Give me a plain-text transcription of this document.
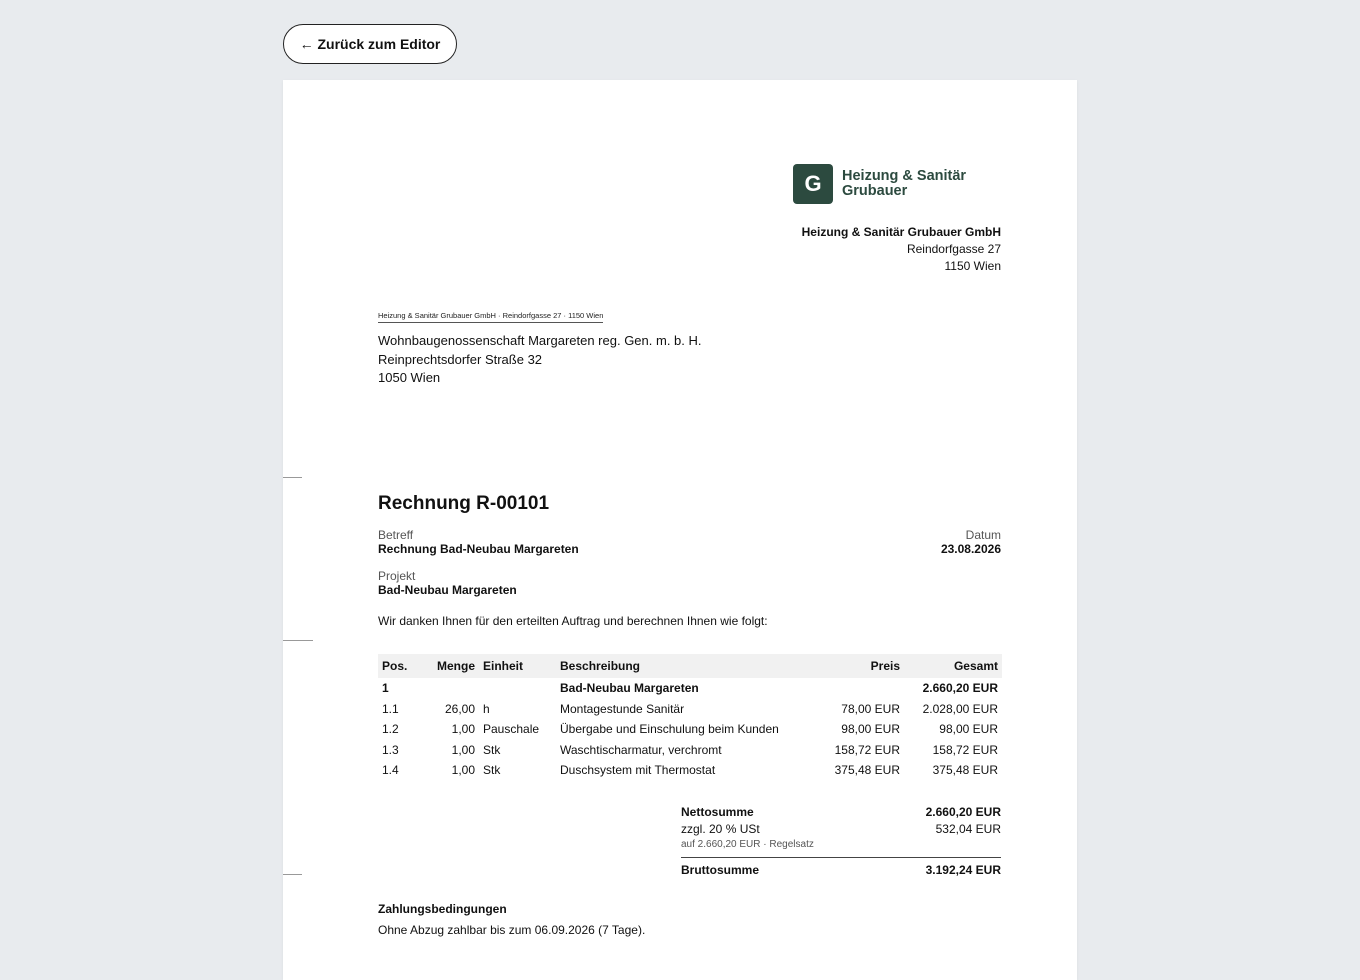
← Zurück zum Editor
G	Heizung & Sanitär
Grubauer
Heizung & Sanitär Grubauer GmbH
Reindorfgasse 27
1150 Wien
Heizung & Sanitär Grubauer GmbH · Reindorfgasse 27 · 1150 Wien
Wohnbaugenossenschaft Margareten reg. Gen. m. b. H.
Reinprechtsdorfer Straße 32
1050 Wien
Rechnung R-00101
Betreff
Rechnung Bad-Neubau Margareten
Datum
23.08.2026
Projekt
Bad-Neubau Margareten
Wir danken Ihnen für den erteilten Auftrag und berechnen Ihnen wie folgt:
Pos.	Menge	Einheit	Beschreibung	Preis	Gesamt
1			Bad-Neubau Margareten		2.660,20 EUR
1.1	26,00	h	Montagestunde Sanitär	78,00 EUR	2.028,00 EUR
1.2	1,00	Pauschale	Übergabe und Einschulung beim Kunden	98,00 EUR	98,00 EUR
1.3	1,00	Stk	Waschtischarmatur, verchromt	158,72 EUR	158,72 EUR
1.4	1,00	Stk	Duschsystem mit Thermostat	375,48 EUR	375,48 EUR
Nettosumme	2.660,20 EUR
zzgl. 20 % USt	532,04 EUR
auf 2.660,20 EUR · Regelsatz
Bruttosumme	3.192,24 EUR
Zahlungsbedingungen
Ohne Abzug zahlbar bis zum 06.09.2026 (7 Tage).
